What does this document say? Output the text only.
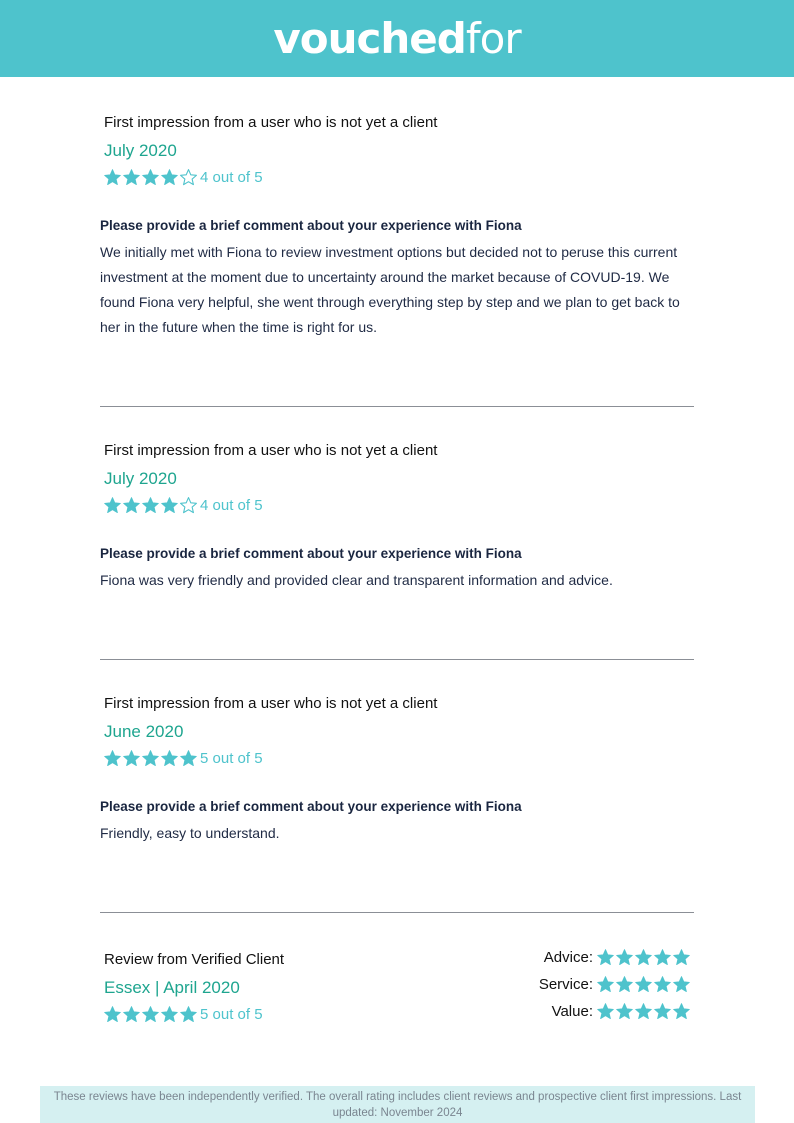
vouchedfor
First impression from a user who is not yet a client
July 2020
4 out of 5
Please provide a brief comment about your experience with Fiona
We initially met with Fiona to review investment options but decided not to peruse this current investment at the moment due to uncertainty around the market because of COVUD-19. We found Fiona very helpful, she went through everything step by step and we plan to get back to her in the future when the time is right for us.
First impression from a user who is not yet a client
July 2020
4 out of 5
Please provide a brief comment about your experience with Fiona
Fiona was very friendly and provided clear and transparent information and advice.
First impression from a user who is not yet a client
June 2020
5 out of 5
Please provide a brief comment about your experience with Fiona
Friendly, easy to understand.
Review from Verified Client
Essex | April 2020
5 out of 5
Advice:
Service:
Value:
These reviews have been independently verified. The overall rating includes client reviews and prospective client first impressions. Last updated: November 2024
